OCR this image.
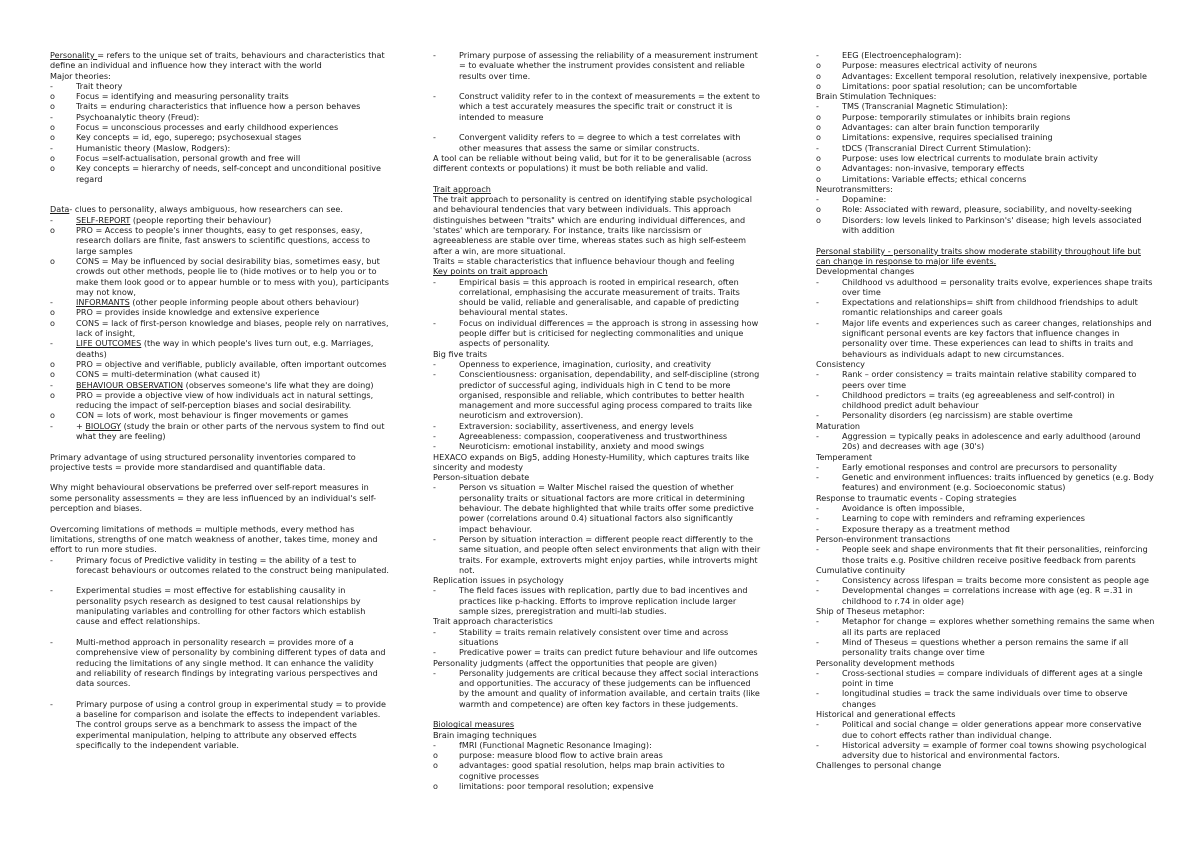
Personality = refers to the unique set of traits, behaviours and characteristics that define an individual and influence how they interact with the world
Major theories:
-	Trait theory
o	Focus = identifying and measuring personality traits
o	Traits = enduring characteristics that influence how a person behaves
-	Psychoanalytic theory (Freud):
o	Focus = unconscious processes and early childhood experiences
o	Key concepts = id, ego, superego; psychosexual stages
-	Humanistic theory (Maslow, Rodgers):
o	Focus =self-actualisation, personal growth and free will
o	Key concepts = hierarchy of needs, self-concept and unconditional positive regard
Data- clues to personality, always ambiguous, how researchers can see.
-	SELF-REPORT (people reporting their behaviour)
o	PRO = Access to people's inner thoughts, easy to get responses, easy, research dollars are finite, fast answers to scientific questions, access to large samples
o	CONS = May be influenced by social desirability bias, sometimes easy, but crowds out other methods, people lie to (hide motives or to help you or to make them look good or to appear humble or to mess with you), participants may not know,
-	INFORMANTS (other people informing people about others behaviour)
o	PRO = provides inside knowledge and extensive experience
o	CONS = lack of first-person knowledge and biases, people rely on narratives, lack of insight,
-	LIFE OUTCOMES (the way in which people's lives turn out, e.g. Marriages, deaths)
o	PRO = objective and verifiable, publicly available, often important outcomes
o	CONS = multi-determination (what caused it)
-	BEHAVIOUR OBSERVATION (observes someone's life what they are doing)
o	PRO = provide a objective view of how individuals act in natural settings, reducing the impact of self-perception biases and social desirability.
o	CON = lots of work, most behaviour is finger movements or games
-	+ BIOLOGY (study the brain or other parts of the nervous system to find out what they are feeling)
Primary advantage of using structured personality inventories compared to projective tests = provide more standardised and quantifiable data.
Why might behavioural observations be preferred over self-report measures in some personality assessments = they are less influenced by an individual's self-perception and biases.
Overcoming limitations of methods = multiple methods, every method has limitations, strengths of one match weakness of another, takes time, money and effort to run more studies.
-	Primary focus of Predictive validity in testing = the ability of a test to forecast behaviours or outcomes related to the construct being manipulated.
-	Experimental studies = most effective for establishing causality in personality psych research as designed to test causal relationships by manipulating variables and controlling for other factors which establish cause and effect relationships.
-	Multi-method approach in personality research = provides more of a comprehensive view of personality by combining different types of data and reducing the limitations of any single method. It can enhance the validity and reliability of research findings by integrating various perspectives and data sources.
-	Primary purpose of using a control group in experimental study = to provide a baseline for comparison and isolate the effects to independent variables. The control groups serve as a benchmark to assess the impact of the experimental manipulation, helping to attribute any observed effects specifically to the independent variable.
-	Primary purpose of assessing the reliability of a measurement instrument = to evaluate whether the instrument provides consistent and reliable results over time.
-	Construct validity refer to in the context of measurements = the extent to which a test accurately measures the specific trait or construct it is intended to measure
-	Convergent validity refers to = degree to which a test correlates with other measures that assess the same or similar constructs.
A tool can be reliable without being valid, but for it to be generalisable (across different contexts or populations) it must be both reliable and valid.
Trait approach
The trait approach to personality is centred on identifying stable psychological and behavioural tendencies that vary between individuals. This approach distinguishes between "traits" which are enduring individual differences, and 'states' which are temporary. For instance, traits like narcissism or agreeableness are stable over time, whereas states such as high self-esteem after a win, are more situational.
Traits = stable characteristics that influence behaviour though and feeling
Key points on trait approach
-	Empirical basis = this approach is rooted in empirical research, often correlational, emphasising the accurate measurement of traits. Traits should be valid, reliable and generalisable, and capable of predicting behavioural mental states.
-	Focus on individual differences = the approach is strong in assessing how people differ but is criticised for neglecting commonalities and unique aspects of personality.
Big five traits
-	Openness to experience, imagination, curiosity, and creativity
-	Conscientiousness: organisation, dependability, and self-discipline (strong predictor of successful aging, individuals high in C tend to be more organised, responsible and reliable, which contributes to better health management and more successful aging process compared to traits like neuroticism and extroversion).
-	Extraversion: sociability, assertiveness, and energy levels
-	Agreeableness: compassion, cooperativeness and trustworthiness
-	Neuroticism: emotional instability, anxiety and mood swings
HEXACO expands on Big5, adding Honesty-Humility, which captures traits like sincerity and modesty
Person-situation debate
-	Person vs situation = Walter Mischel raised the question of whether personality traits or situational factors are more critical in determining behaviour. The debate highlighted that while traits offer some predictive power (correlations around 0.4) situational factors also significantly impact behaviour.
-	Person by situation interaction = different people react differently to the same situation, and people often select environments that align with their traits. For example, extroverts might enjoy parties, while introverts might not.
Replication issues in psychology
-	The field faces issues with replication, partly due to bad incentives and practices like p-hacking. Efforts to improve replication include larger sample sizes, preregistration and multi-lab studies.
Trait approach characteristics
-	Stability = traits remain relatively consistent over time and across situations
-	Predicative power = traits can predict future behaviour and life outcomes
Personality judgments (affect the opportunities that people are given)
-	Personality judgements are critical because they affect social interactions and opportunities. The accuracy of these judgements can be influenced by the amount and quality of information available, and certain traits (like warmth and competence) are often key factors in these judgements.
Biological measures
Brain imaging techniques
-	fMRI (Functional Magnetic Resonance Imaging):
o	purpose: measure blood flow to active brain areas
o	advantages: good spatial resolution, helps map brain activities to cognitive processes
o	limitations: poor temporal resolution; expensive
-	EEG (Electroencephalogram):
o	Purpose: measures electrical activity of neurons
o	Advantages: Excellent temporal resolution, relatively inexpensive, portable
o	Limitations: poor spatial resolution; can be uncomfortable
Brain Stimulation Techniques:
-	TMS (Transcranial Magnetic Stimulation):
o	Purpose: temporarily stimulates or inhibits brain regions
o	Advantages: can alter brain function temporarily
o	Limitations: expensive, requires specialised training
-	tDCS (Transcranial Direct Current Stimulation):
o	Purpose: uses low electrical currents to modulate brain activity
o	Advantages: non-invasive, temporary effects
o	Limitations: Variable effects; ethical concerns
Neurotransmitters:
-	Dopamine:
o	Role: Associated with reward, pleasure, sociability, and novelty-seeking
o	Disorders: low levels linked to Parkinson's' disease; high levels associated with addition
Personal stability - personality traits show moderate stability throughout life but can change in response to major life events.
Developmental changes
-	Childhood vs adulthood = personality traits evolve, experiences shape traits over time
-	Expectations and relationships= shift from childhood friendships to adult romantic relationships and career goals
-	Major life events and experiences such as career changes, relationships and significant personal events are key factors that influence changes in personality over time. These experiences can lead to shifts in traits and behaviours as individuals adapt to new circumstances.
Consistency
-	Rank – order consistency = traits maintain relative stability compared to peers over time
-	Childhood predictors = traits (eg agreeableness and self-control) in childhood predict adult behaviour
-	Personality disorders (eg narcissism) are stable overtime
Maturation
-	Aggression = typically peaks in adolescence and early adulthood (around 20s) and decreases with age (30's)
Temperament
-	Early emotional responses and control are precursors to personality
-	Genetic and environment influences: traits influenced by genetics (e.g. Body features) and environment (e.g. Socioeconomic status)
Response to traumatic events - Coping strategies
-	Avoidance is often impossible,
-	Learning to cope with reminders and reframing experiences
-	Exposure therapy as a treatment method
Person-environment transactions
-	People seek and shape environments that fit their personalities, reinforcing those traits e.g. Positive children receive positive feedback from parents
Cumulative continuity
-	Consistency across lifespan = traits become more consistent as people age
-	Developmental changes = correlations increase with age (eg. R =.31 in childhood to r.74 in older age)
Ship of Theseus metaphor:
-	Metaphor for change = explores whether something remains the same when all its parts are replaced
-	Mind of Theseus = questions whether a person remains the same if all personality traits change over time
Personality development methods
-	Cross-sectional studies = compare individuals of different ages at a single point in time
-	longitudinal studies = track the same individuals over time to observe changes
Historical and generational effects
-	Political and social change = older generations appear more conservative due to cohort effects rather than individual change.
-	Historical adversity = example of former coal towns showing psychological adversity due to historical and environmental factors.
Challenges to personal change
